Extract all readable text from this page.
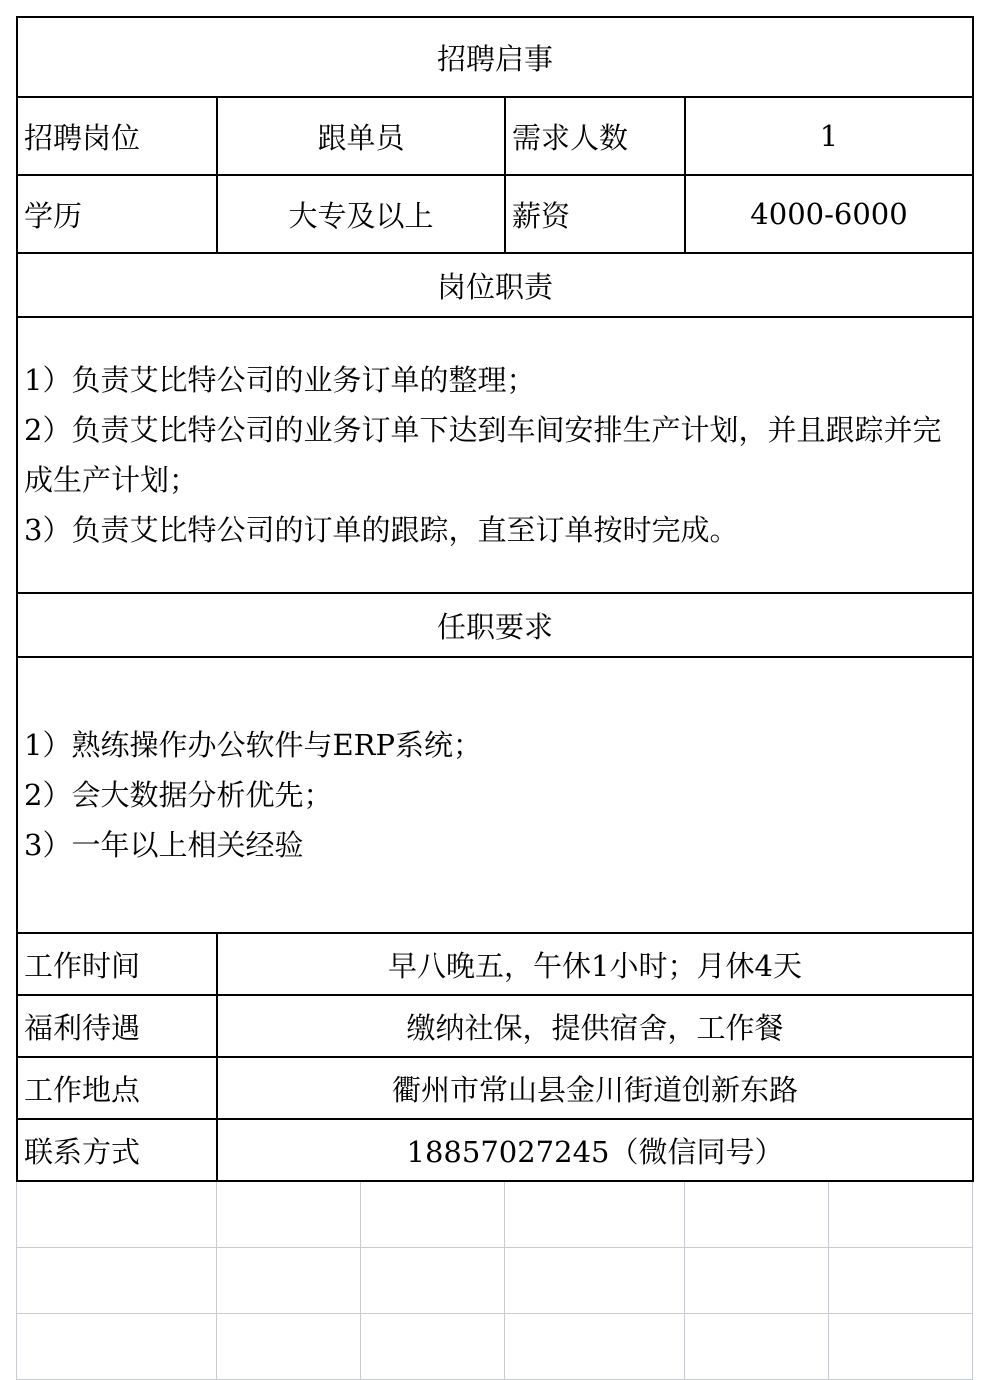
招聘启事			
招聘岗位	跟单员	需求人数	1
学历	大专及以上	薪资	4000-6000
岗位职责			

1）负责艾比特公司的业务订单的整理；
2）负责艾比特公司的业务订单下达到车间安排生产计划，并且跟踪并完成生产计划；
3）负责艾比特公司的订单的跟踪，直至订单按时完成。			

任职要求			

1）熟练操作办公软件与ERP系统；
2）会大数据分析优先；
3）一年以上相关经验			

工作时间	早八晚五，午休1小时；月休4天		
福利待遇	缴纳社保，提供宿舍，工作餐		
工作地点	衢州市常山县金川街道创新东路		
联系方式	18857027245（微信同号）		
